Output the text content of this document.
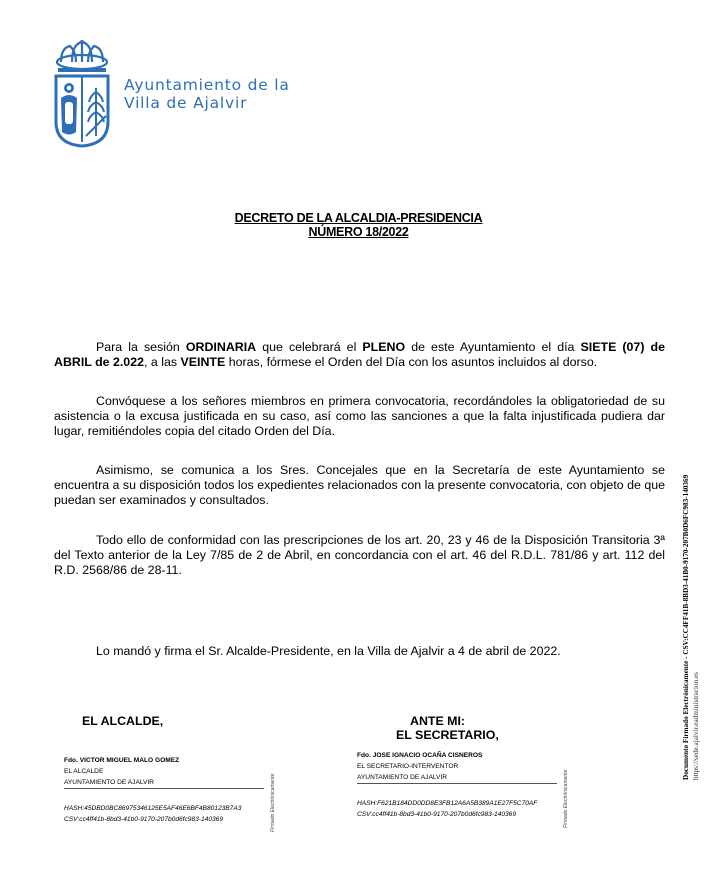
Ayuntamiento de la
Villa de Ajalvir
DECRETO DE LA ALCALDIA-PRESIDENCIA
NÚMERO 18/2022
Para la sesión ORDINARIA que celebrará el PLENO de este Ayuntamiento el día SIETE (07) de ABRIL de 2.022, a las VEINTE horas, fórmese el Orden del Día con los asuntos incluidos al dorso.
Convóquese a los señores miembros en primera convocatoria, recordándoles la obligatoriedad de su asistencia o la excusa justificada en su caso, así como las sanciones a que la falta injustificada pudiera dar lugar, remitiéndoles copia del citado Orden del Día.
Asimismo, se comunica a los Sres. Concejales que en la Secretaría de este Ayuntamiento se encuentra a su disposición todos los expedientes relacionados con la presente convocatoria, con objeto de que puedan ser examinados y consultados.
Todo ello de conformidad con las prescripciones de los art. 20, 23 y 46 de la Disposición Transitoria 3ª del Texto anterior de la Ley 7/85 de 2 de Abril, en concordancia con el art. 46 del R.D.L. 781/86 y art. 112 del R.D. 2568/86 de 28-11.
Lo mandó y firma el Sr. Alcalde-Presidente, en la Villa de Ajalvir a 4 de abril de 2022.
EL ALCALDE,	ANTE MI:
EL SECRETARIO,
Fdo. VICTOR MIGUEL MALO GOMEZ
EL ALCALDE
AYUNTAMIENTO DE AJALVIR
HASH:45DBD0BC86975346125E5AF46E6BF4B80123B7A3
CSV:cc4ff41b-8bd3-41b0-9170-207b0d6fc983-140369	Firmado Electrónicamente
Fdo. JOSE IGNACIO OCAÑA CISNEROS
EL SECRETARIO-INTERVENTOR
AYUNTAMIENTO DE AJALVIR
HASH:F621B184DD0DD8E3FB12A6A5B389A1E27F5C70AF
CSV:cc4ff41b-8bd3-41b0-9170-207b0d6fc983-140369	Firmado Electrónicamente
Documento Firmado Electrónicamente - CSV:CC4FF41B-8BD3-41B0-9170-207B0D6FC983-140369 https://sede.ajalvir.eadministracion.es
